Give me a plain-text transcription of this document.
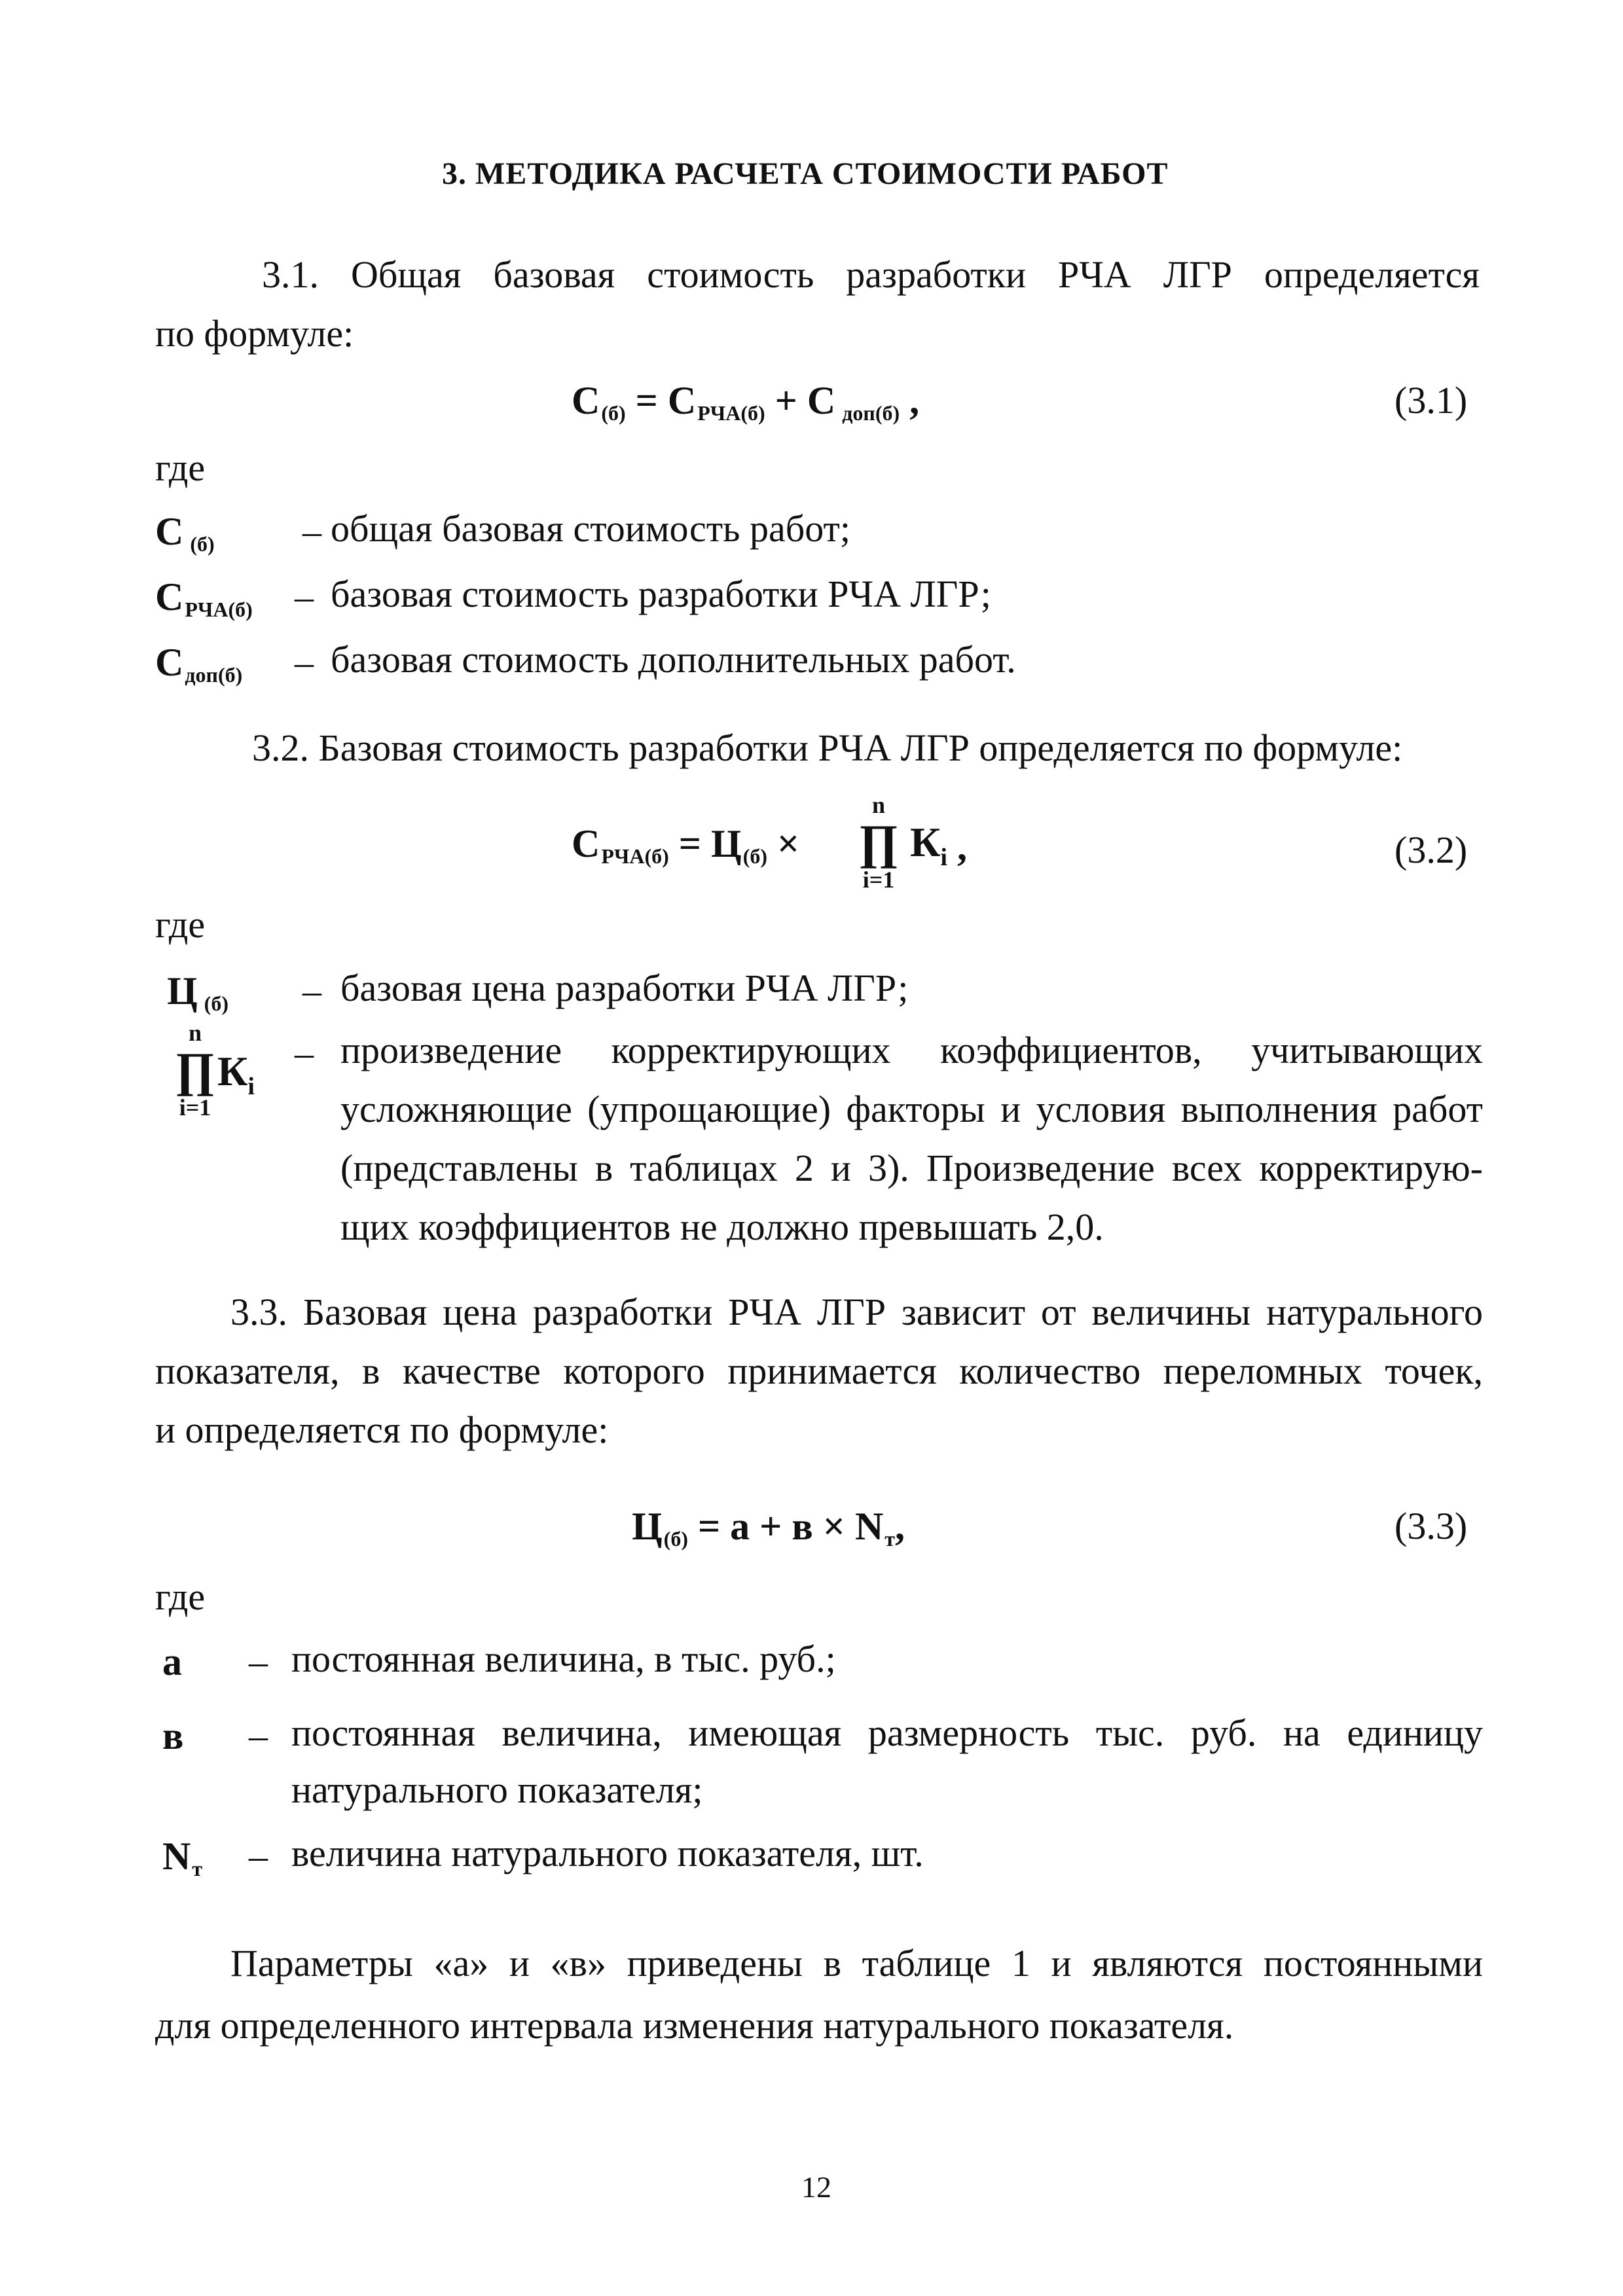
3. МЕТОДИКА РАСЧЕТА СТОИМОСТИ РАБОТ
3.1. Общая базовая стоимость разработки РЧА ЛГР определяется
по формуле:
$С_{(б)} = С_{РЧА(б)} + С$ $_{доп(б)}$ ,	(3.1)
где
С $_{(б)}$ – общая базовая стоимость работ;
$С_{РЧА(б)}$ – базовая стоимость разработки РЧА ЛГР;
$С_{доп(б)}$ – базовая стоимость дополнительных работ.
3.2. Базовая стоимость разработки РЧА ЛГР определяется по формуле:
$С_{РЧА(б)} = Ц_{(б)}$ ×
n
∏
i=1
Кi ,	(3.2)
где
Ц $_{(б)}$ – базовая цена разработки РЧА ЛГР;
n
∏
i=1
Кi
– произведение корректирующих коэффициентов, учитывающих
усложняющие (упрощающие) факторы и условия выполнения работ
(представлены в таблицах 2 и 3). Произведение всех корректирую-
щих коэффициентов не должно превышать 2,0.
3.3. Базовая цена разработки РЧА ЛГР зависит от величины натурального
показателя, в качестве которого принимается количество переломных точек,
и определяется по формуле:
$Ц_{(б)} = а + в \times N_т$,	(3.3)
где
а – постоянная величина, в тыс. руб.;
в – постоянная величина, имеющая размерность тыс. руб. на единицу
натурального показателя;
$N_т$ – величина натурального показателя, шт.
Параметры «а» и «в» приведены в таблице 1 и являются постоянными
для определенного интервала изменения натурального показателя.
12
